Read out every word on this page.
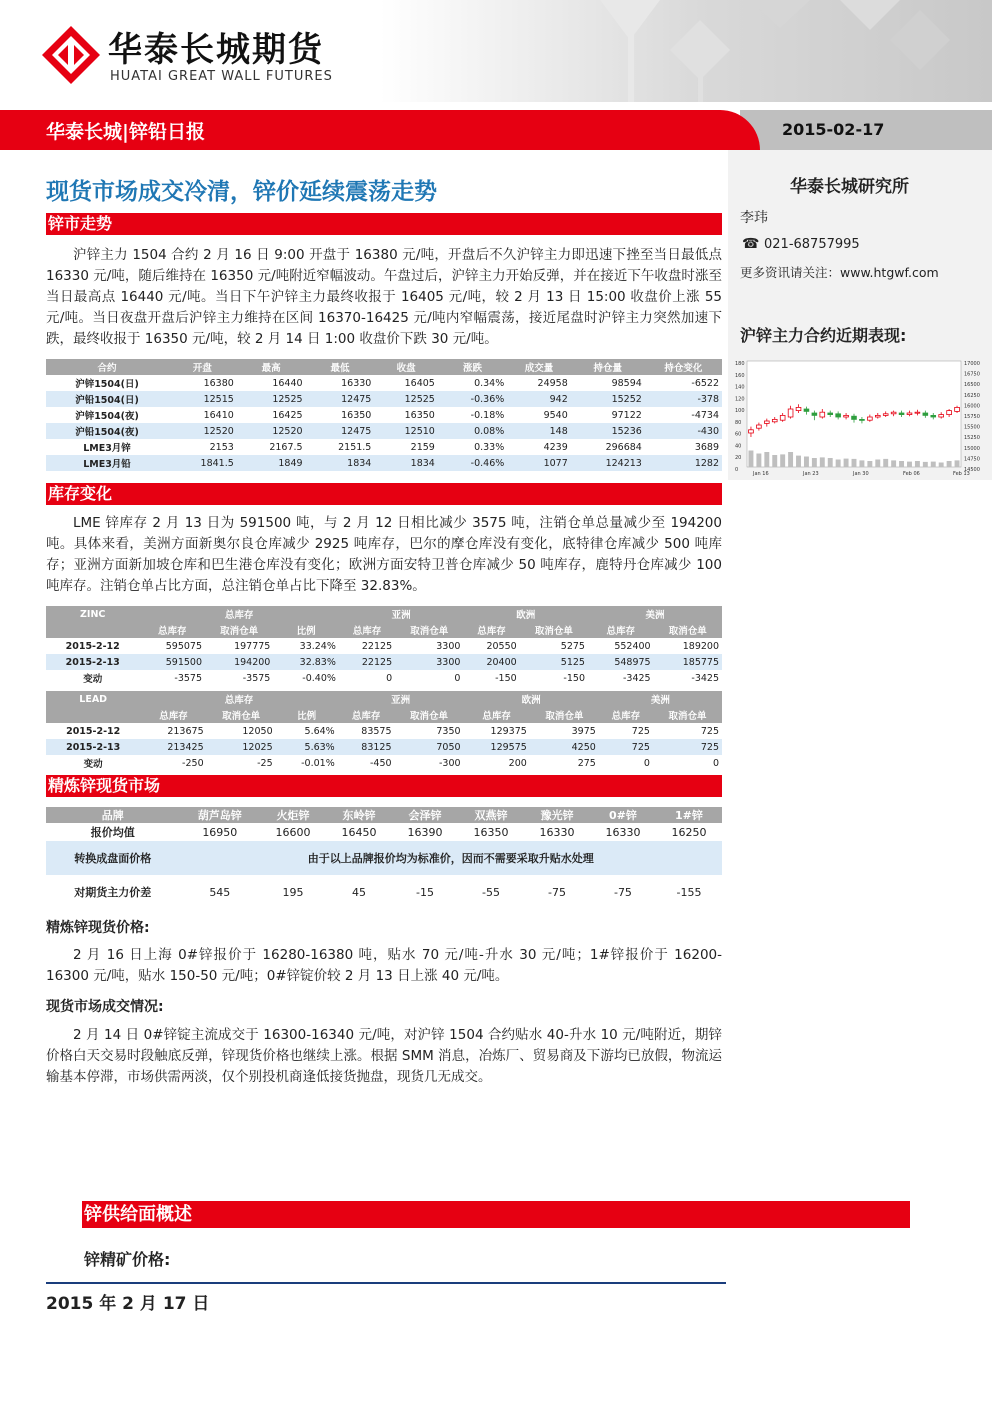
华泰长城期货
HUATAI GREAT WALL FUTURES
华泰长城|锌铅日报	2015-02-17
华泰长城研究所
李玮
☎ 021-68757995
更多资讯请关注：www.htgwf.com
沪锌主力合约近期表现:
17000
16750
16500
16250
16000
15750
15500
15250
15000
14750
14500
180
160
140
120
100
80
60
40
20
0
Jan 16	Jan 23	Jan 30	Feb 06	Feb 13
现货市场成交冷清，锌价延续震荡走势
锌市走势
沪锌主力 1504 合约 2 月 16 日 9:00 开盘于 16380 元/吨，开盘后不久沪锌主力即迅速下挫至当日最低点 16330 元/吨，随后维持在 16350 元/吨附近窄幅波动。午盘过后，沪锌主力开始反弹，并在接近下午收盘时涨至当日最高点 16440 元/吨。当日下午沪锌主力最终收报于 16405 元/吨，较 2 月 13 日 15:00 收盘价上涨 55 元/吨。当日夜盘开盘后沪锌主力维持在区间 16370-16425 元/吨内窄幅震荡，接近尾盘时沪锌主力突然加速下跌，最终收报于 16350 元/吨，较 2 月 14 日 1:00 收盘价下跌 30 元/吨。
合约	开盘	最高	最低	收盘	涨跌	成交量	持仓量	持仓变化
沪锌1504(日)	16380	16440	16330	16405	0.34%	24958	98594	-6522
沪铅1504(日)	12515	12525	12475	12525	-0.36%	942	15252	-378
沪锌1504(夜)	16410	16425	16350	16350	-0.18%	9540	97122	-4734
沪铅1504(夜)	12520	12520	12475	12510	0.08%	148	15236	-430
LME3月锌	2153	2167.5	2151.5	2159	0.33%	4239	296684	3689
LME3月铅	1841.5	1849	1834	1834	-0.46%	1077	124213	1282
库存变化
LME 锌库存 2 月 13 日为 591500 吨，与 2 月 12 日相比减少 3575 吨，注销仓单总量减少至 194200 吨。具体来看，美洲方面新奥尔良仓库减少 2925 吨库存，巴尔的摩仓库没有变化，底特律仓库减少 500 吨库存；亚洲方面新加坡仓库和巴生港仓库没有变化；欧洲方面安特卫普仓库减少 50 吨库存，鹿特丹仓库减少 100 吨库存。注销仓单占比方面，总注销仓单占比下降至 32.83%。
ZINC	总库存			亚洲		欧洲		美洲	
	总库存	取消仓单	比例	总库存	取消仓单	总库存	取消仓单	总库存	取消仓单
2015-2-12	595075	197775	33.24%	22125	3300	20550	5275	552400	189200
2015-2-13	591500	194200	32.83%	22125	3300	20400	5125	548975	185775
变动	-3575	-3575	-0.40%	0	0	-150	-150	-3425	-3425
LEAD	总库存			亚洲		欧洲		美洲	
	总库存	取消仓单	比例	总库存	取消仓单	总库存	取消仓单	总库存	取消仓单
2015-2-12	213675	12050	5.64%	83575	7350	129375	3975	725	725
2015-2-13	213425	12025	5.63%	83125	7050	129575	4250	725	725
变动	-250	-25	-0.01%	-450	-300	200	275	0	0
精炼锌现货市场
品牌	葫芦岛锌	火炬锌	东岭锌	会泽锌	双燕锌	豫光锌	0#锌	1#锌
报价均值	16950	16600	16450	16390	16350	16330	16330	16250
转换成盘面价格	由于以上品牌报价均为标准价，因而不需要采取升贴水处理							
对期货主力价差	545	195	45	-15	-55	-75	-75	-155
精炼锌现货价格:
2 月 16 日上海 0#锌报价于 16280-16380 吨，贴水 70 元/吨-升水 30 元/吨；1#锌报价于 16200-16300 元/吨，贴水 150-50 元/吨；0#锌锭价较 2 月 13 日上涨 40 元/吨。
现货市场成交情况:
2 月 14 日 0#锌锭主流成交于 16300-16340 元/吨，对沪锌 1504 合约贴水 40-升水 10 元/吨附近，期锌价格白天交易时段触底反弹，锌现货价格也继续上涨。根据 SMM 消息，冶炼厂、贸易商及下游均已放假，物流运输基本停滞，市场供需两淡，仅个别投机商逢低接货抛盘，现货几无成交。
锌供给面概述
锌精矿价格:
2015 年 2 月 17 日
